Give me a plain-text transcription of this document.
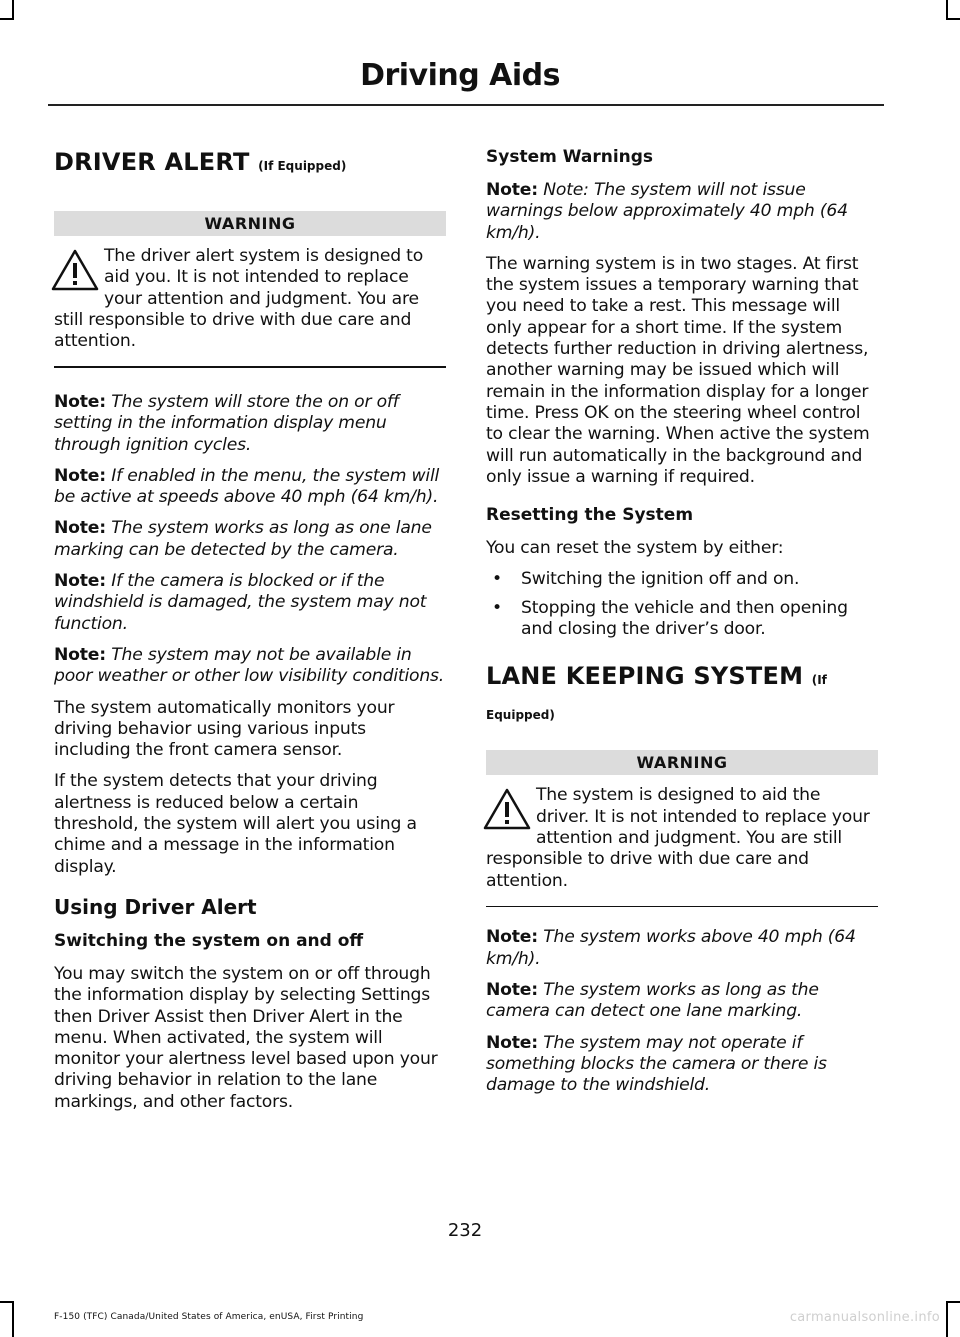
Driving Aids
DRIVER ALERT (If Equipped)
WARNING
The driver alert system is designed to aid you. It is not intended to replace your attention and judgment. You are still responsible to drive with due care and attention.

Note: The system will store the on or off setting in the information display menu through ignition cycles.

Note: If enabled in the menu, the system will be active at speeds above 40 mph (64 km/h).

Note: The system works as long as one lane marking can be detected by the camera.

Note: If the camera is blocked or if the windshield is damaged, the system may not function.

Note: The system may not be available in poor weather or other low visibility conditions.

The system automatically monitors your driving behavior using various inputs including the front camera sensor.

If the system detects that your driving alertness is reduced below a certain threshold, the system will alert you using a chime and a message in the information display.

Using Driver Alert
Switching the system on and off

You may switch the system on or off through the information display by selecting Settings then Driver Assist then Driver Alert in the menu. When activated, the system will monitor your alertness level based upon your driving behavior in relation to the lane markings, and other factors.

System Warnings

Note: Note: The system will not issue warnings below approximately 40 mph (64 km/h).

The warning system is in two stages. At first the system issues a temporary warning that you need to take a rest. This message will only appear for a short time. If the system detects further reduction in driving alertness, another warning may be issued which will remain in the information display for a longer time. Press OK on the steering wheel control to clear the warning. When active the system will run automatically in the background and only issue a warning if required.

Resetting the System

You can reset the system by either:

• Switching the ignition off and on.
• Stopping the vehicle and then opening and closing the driver’s door.
LANE KEEPING SYSTEM (If
Equipped)
WARNING
The system is designed to aid the driver. It is not intended to replace your attention and judgment. You are still responsible to drive with due care and attention.

Note: The system works above 40 mph (64 km/h).

Note: The system works as long as the camera can detect one lane marking.

Note: The system may not operate if something blocks the camera or there is damage to the windshield.

232
F-150 (TFC) Canada/United States of America, enUSA, First Printing	carmanualsonline.info
